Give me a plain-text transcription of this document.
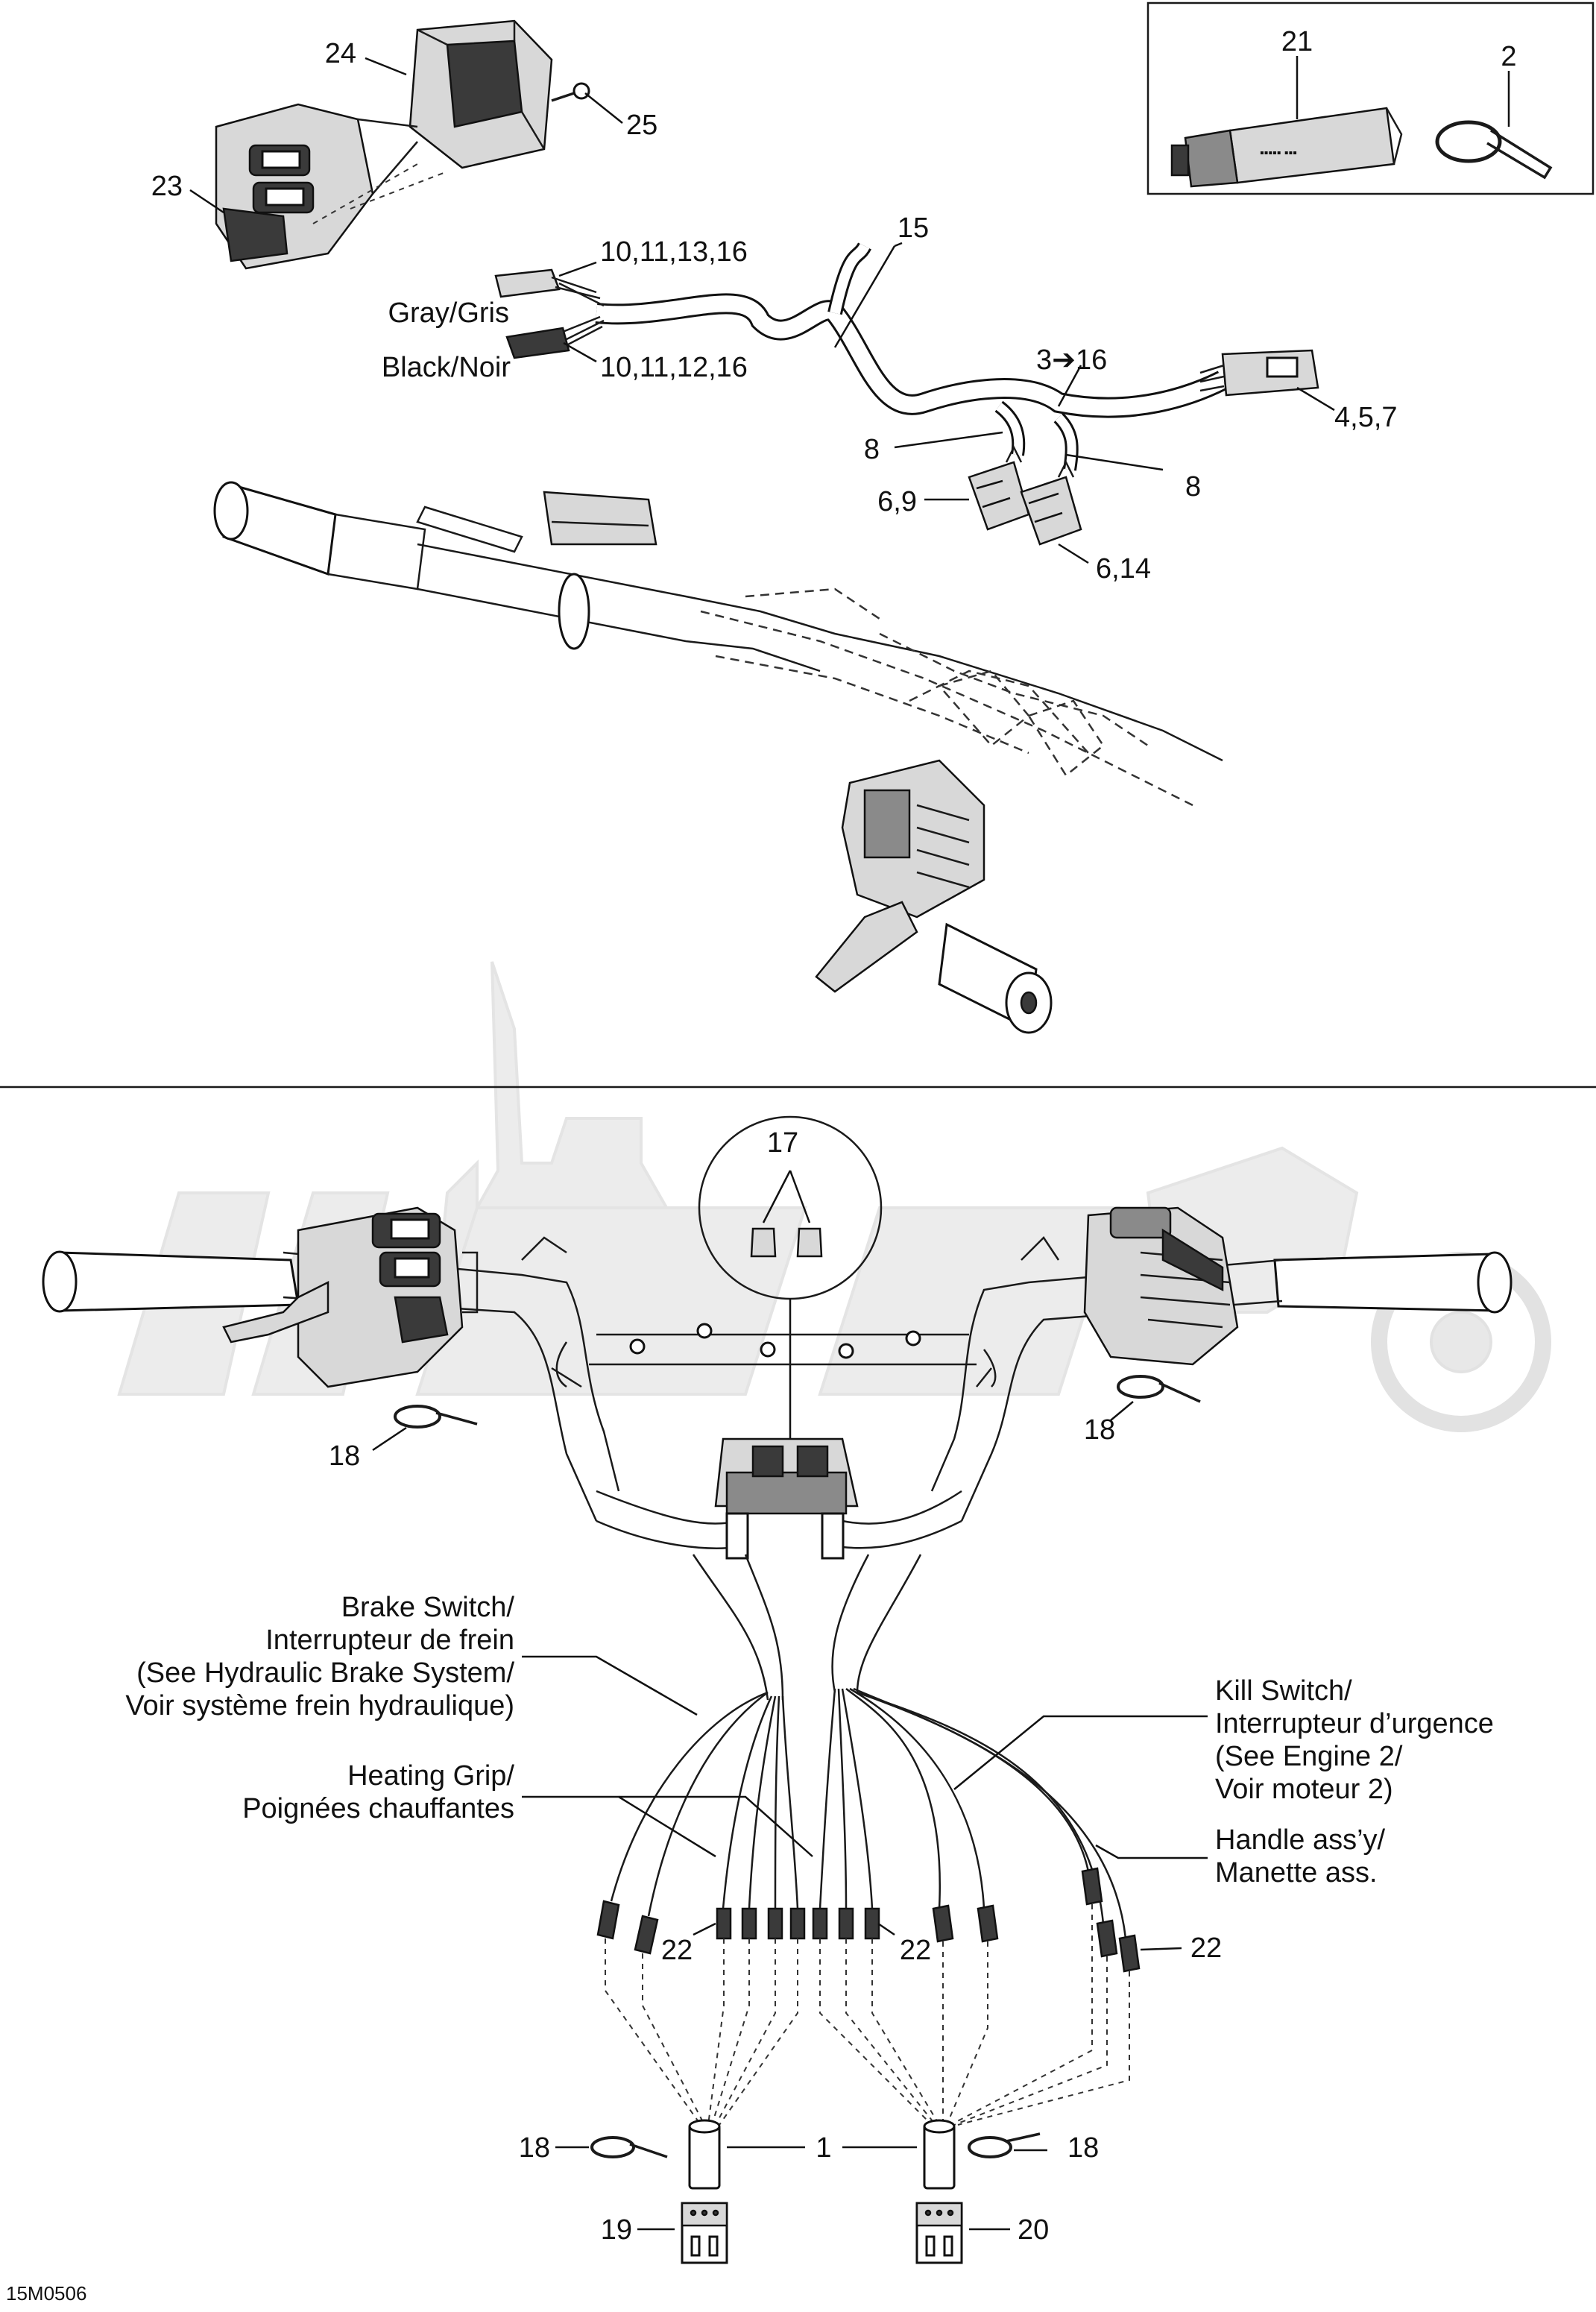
▪▪▪▪▪ ▪▪▪
21	2
24
25
23
15
10,11,13,16
Gray/Gris
Black/Noir	10,11,12,16	3➔16
4,5,7
8
8
6,9
6,14
17
18
18
Brake Switch/
Interrupteur de frein
(See Hydraulic Brake System/
Voir système frein hydraulique)
Heating Grip/
Poignées chauffantes
Kill Switch/
Interrupteur d’urgence
(See Engine 2/
Voir moteur 2)
Handle ass’y/
Manette ass.
22	22	22
1
18	18
19	20
15M0506
